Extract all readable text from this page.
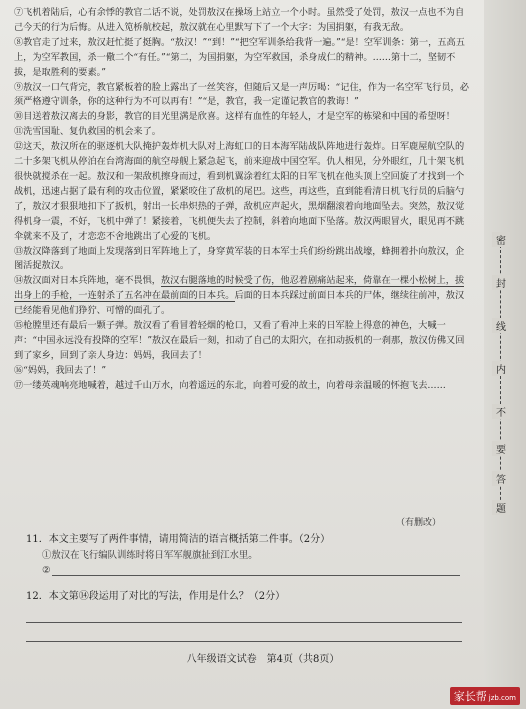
⑦飞机着陆后，心有余悸的教官二话不说，处罚敖汉在操场上站立一个小时。虽然受了处罚，敖汉一点也不为自己今天的行为后悔。从进入笕桥航校起，敖汉就在心里默写下了一个大字：为国捐躯，有我无敌。

⑧教官走了过来，敖汉赶忙挺了挺胸。“敖汉！”“到！”“把空军训条给我背一遍。”“是！空军训条：第一，五高五上，为空军教国，杀一儆二个“有任。”“第二，为国捐躯，为空军救国，杀身成仁的精神。……第十二，坚韧不拔，是取胜利的要素。”

⑨敖汉一口气背完，教官紧板着的脸上露出了一丝笑容，但随后又是一声厉喝：“记住，作为一名空军飞行员，必须严格遵守训条，你的这种行为不可以再有！”“是，教官，我一定谨记教官的教诲！”

⑩目送着敖汉离去的身影，教官的目光里满是欣喜。这样有血性的年轻人，才是空军的栋梁和中国的希望呀！

⑪洗雪国耻、复仇救国的机会来了。

⑫这天，敖汉所在的驱逐机大队掩护轰炸机大队对上海虹口的日本海军陆战队阵地进行轰炸。日军鹿屋航空队的二十多架飞机从停泊在台湾海面的航空母舰上紧急起飞，前来迎战中国空军。仇人相见，分外眼红，几十架飞机很快就搅杀在一起。敖汉和一架敌机擦身而过，看到机翼涂着红太阳的日军飞机在他头顶上空回旋了才找到一个战机，迅速占据了最有利的攻击位置，紧紧咬住了敌机的尾巴。这些，再这些，直到能看清日机飞行员的后脑勺了，敖汉才狠狠地扣下了扳机，射出一长串炽热的子弹，敌机应声起火，黑烟翻滚着向地面坠去。突然，敖汉觉得机身一震，不好，飞机中弹了！紧接着，飞机便失去了控制，斜着向地面下坠落。敖汉两眼冒火，眼见再不跳伞就来不及了，才恋恋不舍地跳出了心爱的飞机。

⑬敖汉降落到了地面上发现落到日军阵地上了，身穿黄军装的日本军士兵们纷纷跳出战壕，蜂拥着扑向敖汉，企图活捉敖汉。

⑭敖汉面对日本兵阵地，毫不畏惧，敖汉右腿落地的时候受了伤，他忍着剧痛站起来，倚靠在一棵小松树上，拔出身上的手枪，一连射杀了五名冲在最前面的日本兵。后面的日本兵踩过前面日本兵的尸体，继续往前冲，敖汉已经能看见他们狰狞、可憎的面孔了。

⑮枪膛里还有最后一颗子弹。敖汉看了看冒着轻烟的枪口，又看了看冲上来的日军脸上得意的神色，大喊一声：“中国永远没有投降的空军！”敖汉在最后一刻，扣动了自己的太阳穴，在扣动扳机的一刹那，敖汉仿佛又回到了家乡，回到了亲人身边：妈妈，我回去了！

⑯“妈妈，我回去了！”

⑰一缕英魂响亮地喊着，越过千山万水，向着遥远的东北，向着可爱的故土，向着母亲温暖的怀抱飞去……

（有删改）

11．本文主要写了两件事情，请用简洁的语言概括第二件事。（2分）

①敖汉在飞行编队训练时将日军军舰旗扯到江水里。

②

12．本文第⑭段运用了对比的写法，作用是什么？（2分）

八年级语文试卷　第4页（共8页）
密
封
线
内
不
要
答
题
家长帮 jzb.com
